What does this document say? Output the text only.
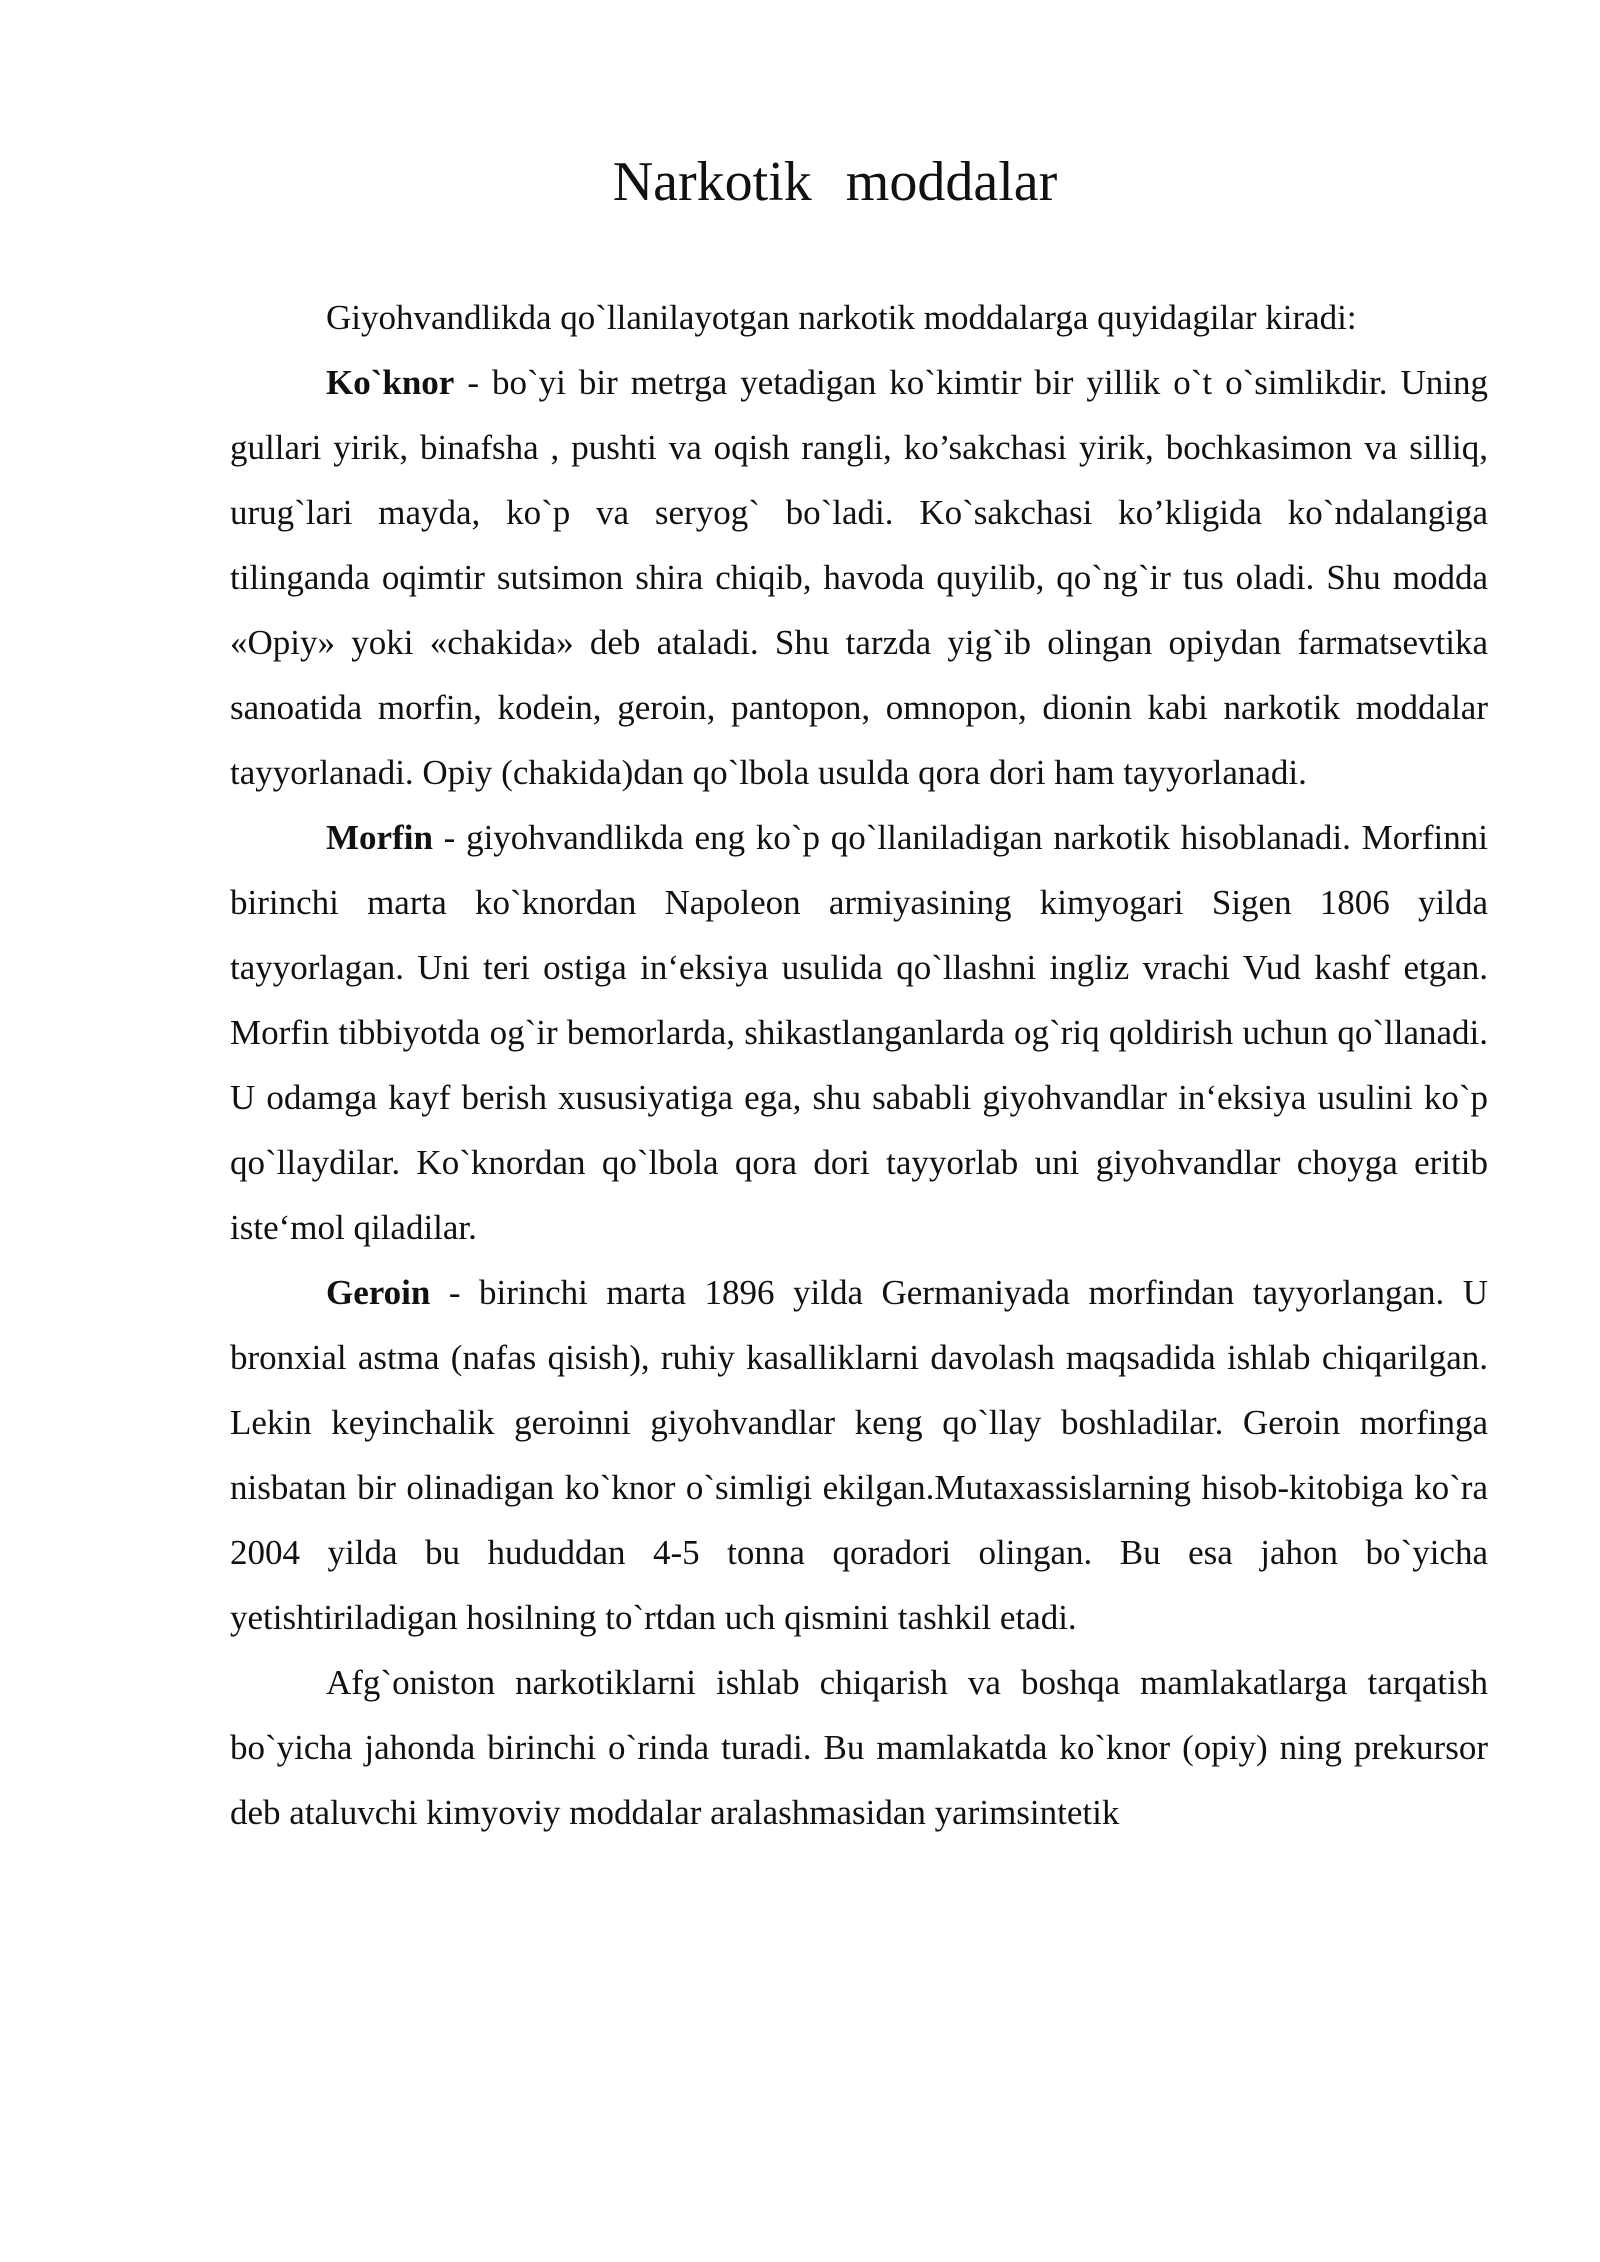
Narkotik moddalar

Giyohvandlikda qo`llanilayotgan narkotik moddalarga quyidagilar kiradi:

Ko`knor - bo`yi bir metrga yetadigan ko`kimtir bir yillik o`t o`simlikdir. Uning gullari yirik, binafsha , pushti va oqish rangli, ko’sakchasi yirik, bochkasimon va silliq, urug`lari mayda, ko`p va seryog` bo`ladi. Ko`sakchasi ko’kligida ko`ndalangiga tilinganda oqimtir sutsimon shira chiqib, havoda quyilib, qo`ng`ir tus oladi. Shu modda «Opiy» yoki «chakida» deb ataladi. Shu tarzda yig`ib olingan opiydan farmatsevtika sanoatida morfin, kodein, geroin, pantopon, omnopon, dionin kabi narkotik moddalar tayyorlanadi. Opiy (chakida)dan qo`lbola usulda qora dori ham tayyorlanadi.

Morfin - giyohvandlikda eng ko`p qo`llaniladigan narkotik hisoblanadi. Morfinni birinchi marta ko`knordan Napoleon armiyasining kimyogari Sigen 1806 yilda tayyorlagan. Uni teri ostiga in‘eksiya usulida qo`llashni ingliz vrachi Vud kashf etgan. Morfin tibbiyotda og`ir bemorlarda, shikastlanganlarda og`riq qoldirish uchun qo`llanadi. U odamga kayf berish xususiyatiga ega, shu sababli giyohvandlar in‘eksiya usulini ko`p qo`llaydilar. Ko`knordan qo`lbola qora dori tayyorlab uni giyohvandlar choyga eritib iste‘mol qiladilar.

Geroin - birinchi marta 1896 yilda Germaniyada morfindan tayyorlangan. U bronxial astma (nafas qisish), ruhiy kasalliklarni davolash maqsadida ishlab chiqarilgan. Lekin keyinchalik geroinni giyohvandlar keng qo`llay boshladilar. Geroin morfinga nisbatan bir olinadigan ko`knor o`simligi ekilgan.Mutaxassislarning hisob-kitobiga ko`ra 2004 yilda bu hududdan 4-5 tonna qoradori olingan. Bu esa jahon bo`yicha yetishtiriladigan hosilning to`rtdan uch qismini tashkil etadi.

Afg`oniston narkotiklarni ishlab chiqarish va boshqa mamlakatlarga tarqatish bo`yicha jahonda birinchi o`rinda turadi. Bu mamlakatda ko`knor (opiy) ning prekursor deb ataluvchi kimyoviy moddalar aralashmasidan yarimsintetik
